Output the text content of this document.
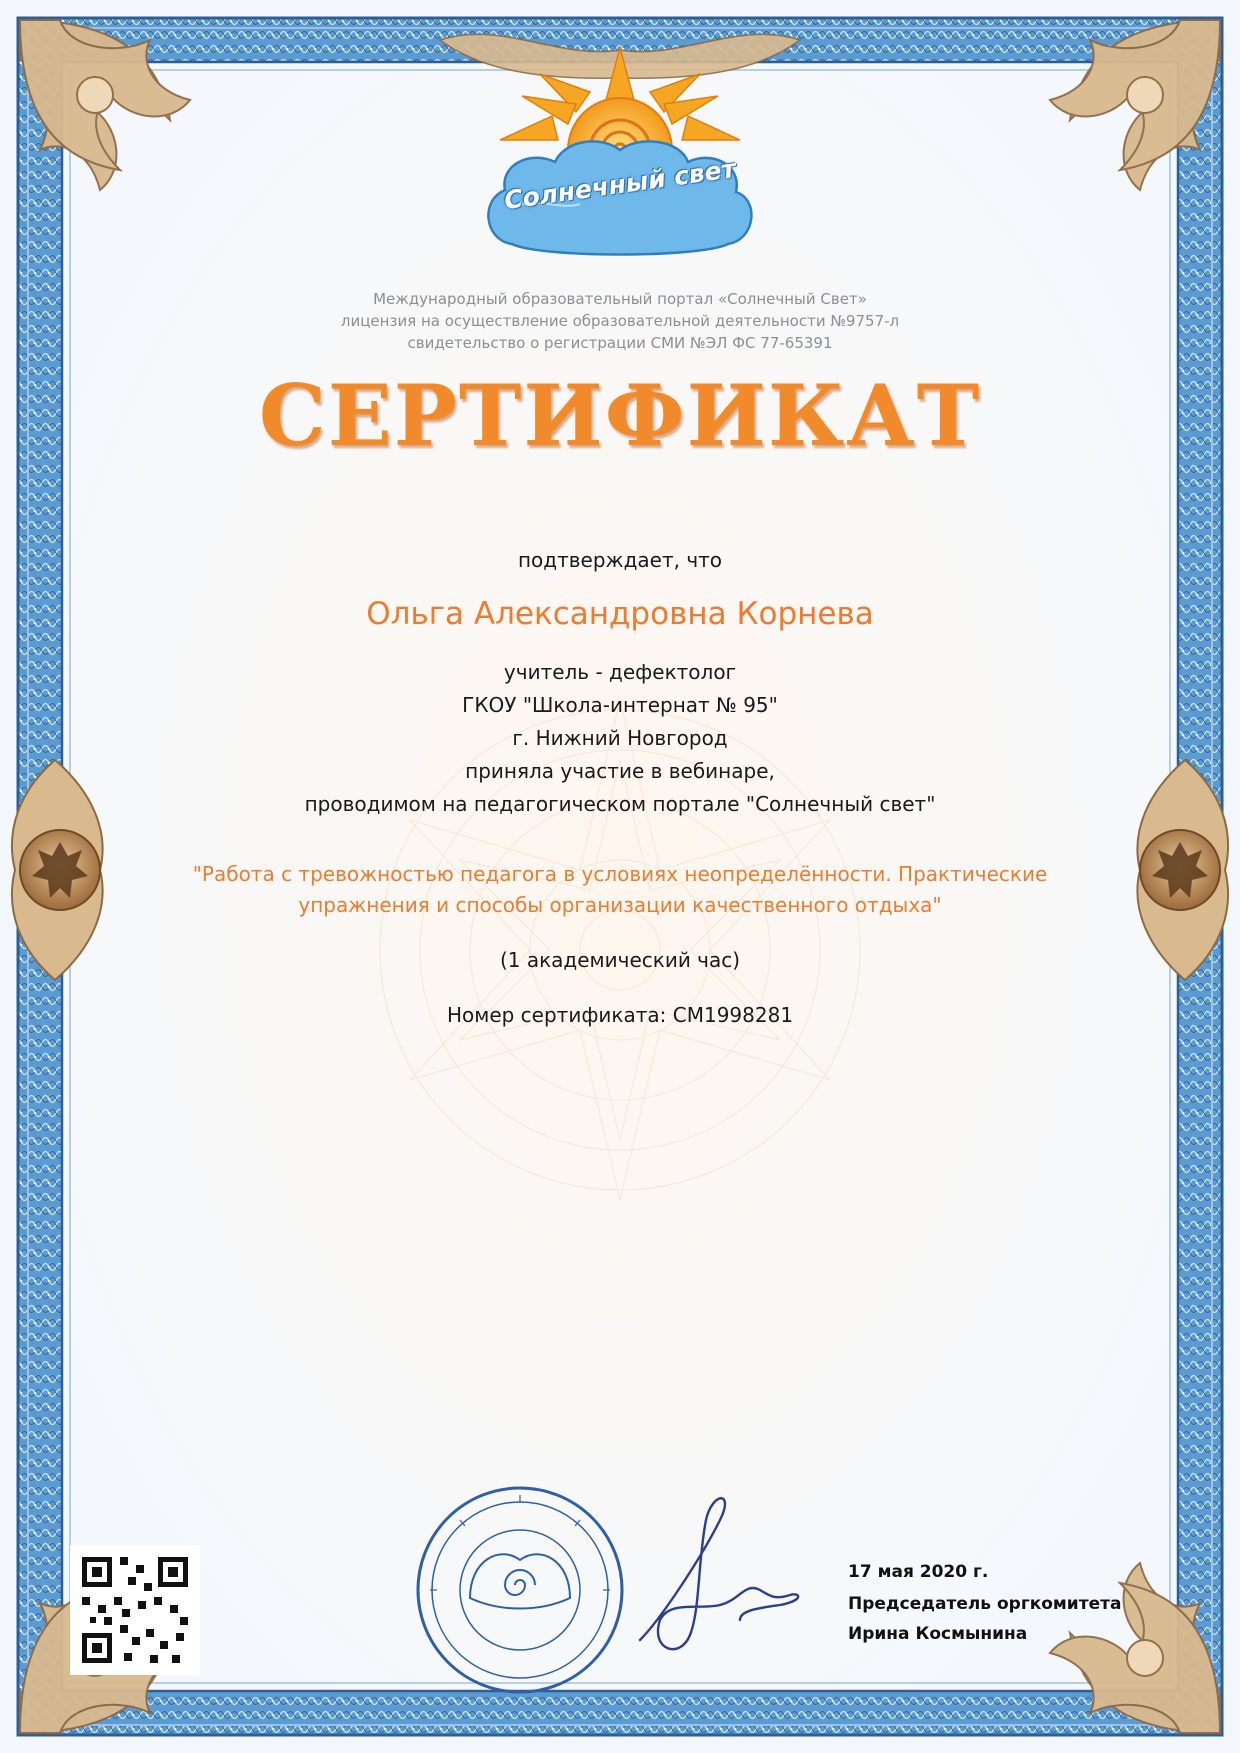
Солнечный свет
Международный образовательный портал «Солнечный Свет»
лицензия на осуществление образовательной деятельности №9757-л
свидетельство о регистрации СМИ №ЭЛ ФС 77-65391
СЕРТИФИКАТ
подтверждает, что
Ольга Александровна Корнева
учитель - дефектолог
ГКОУ "Школа-интернат № 95"
г. Нижний Новгород
приняла участие в вебинаре,
проводимом на педагогическом портале "Солнечный свет"
"Работа с тревожностью педагога в условиях неопределённости. Практические
упражнения и способы организации качественного отдыха"
(1 академический час)
Номер сертификата: СМ1998281
17 мая 2020 г.
Председатель оргкомитета
Ирина Космынина
